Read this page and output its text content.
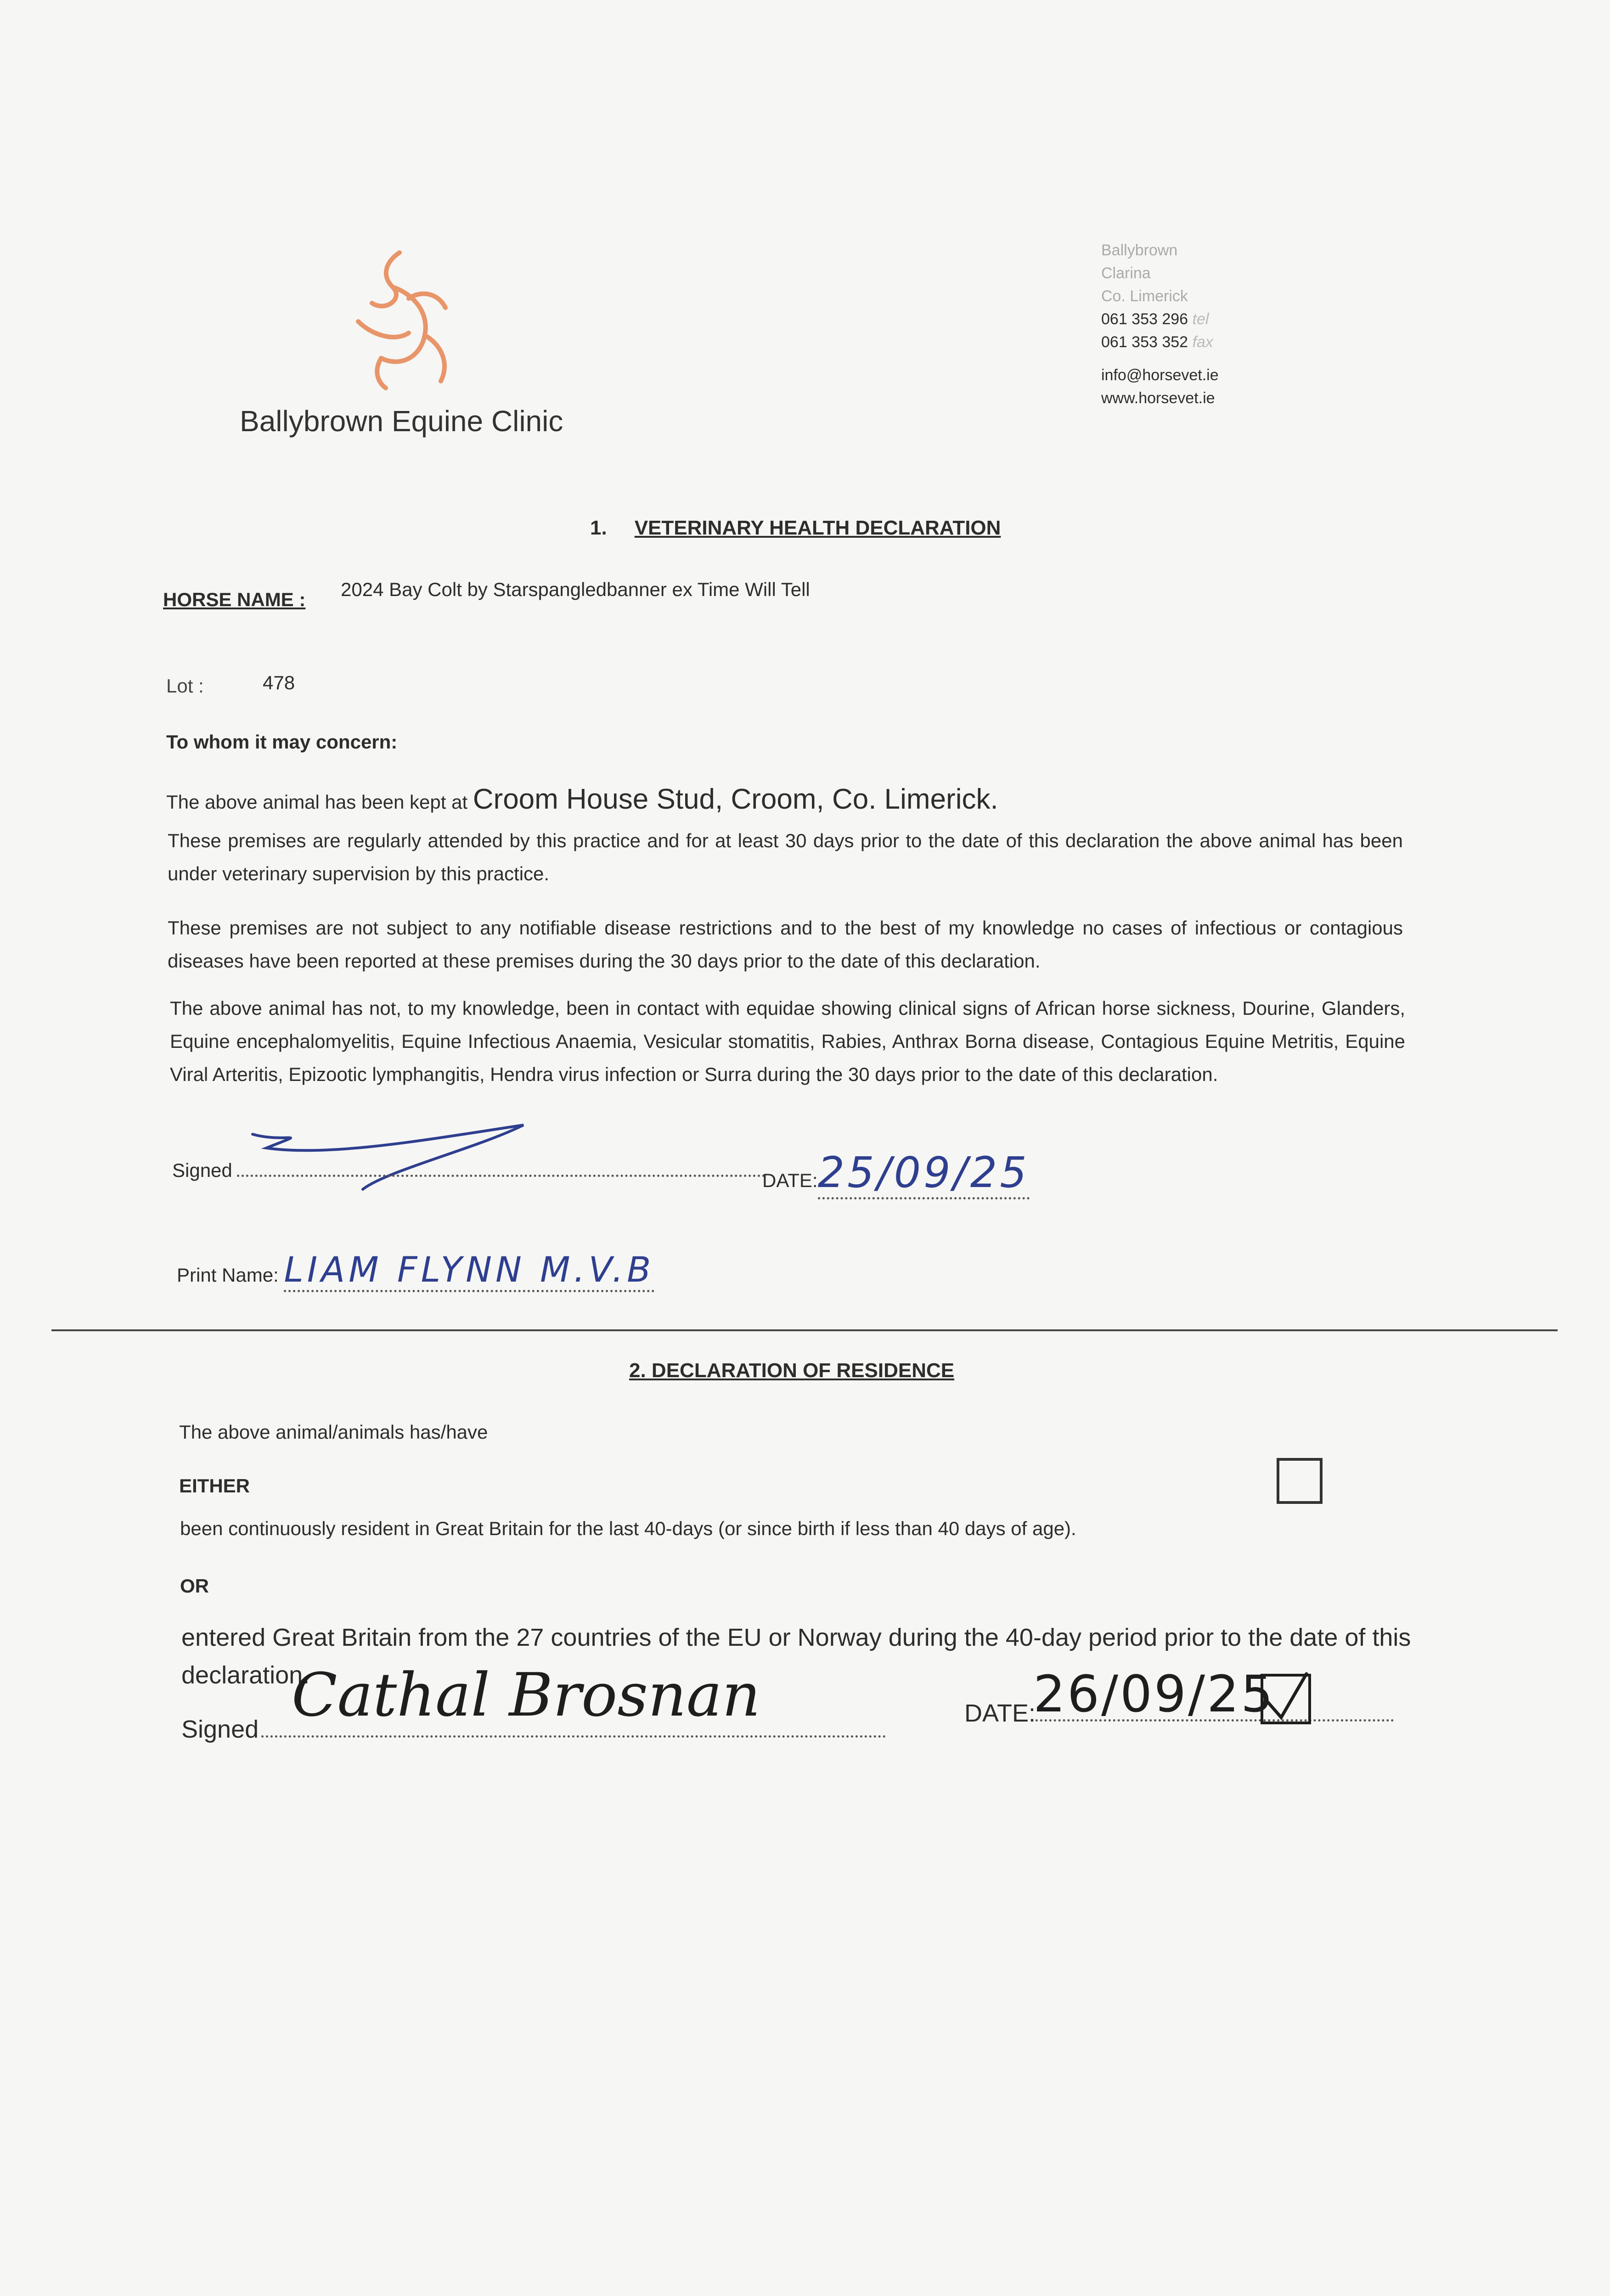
Ballybrown Equine Clinic
Ballybrown
Clarina
Co. Limerick
061 353 296 tel
061 353 352 fax
info@horsevet.ie
www.horsevet.ie
1. VETERINARY HEALTH DECLARATION
HORSE NAME : 2024 Bay Colt by Starspangledbanner ex Time Will Tell
Lot :	478
To whom it may concern:
The above animal has been kept at Croom House Stud, Croom, Co. Limerick.
These premises are regularly attended by this practice and for at least 30 days prior to the date of this declaration the above animal has been under veterinary supervision by this practice.
These premises are not subject to any notifiable disease restrictions and to the best of my knowledge no cases of infectious or contagious diseases have been reported at these premises during the 30 days prior to the date of this declaration.
The above animal has not, to my knowledge, been in contact with equidae showing clinical signs of African horse sickness, Dourine, Glanders, Equine encephalomyelitis, Equine Infectious Anaemia, Vesicular stomatitis, Rabies, Anthrax Borna disease, Contagious Equine Metritis, Equine Viral Arteritis, Epizootic lymphangitis, Hendra virus infection or Surra during the 30 days prior to the date of this declaration.
Signed	DATE:25/09/25
Print Name: LIAM FLYNN M.V.B
2. DECLARATION OF RESIDENCE
The above animal/animals has/have
EITHER
been continuously resident in Great Britain for the last 40-days (or since birth if less than 40 days of age).
OR
entered Great Britain from the 27 countries of the EU or Norway during the 40-day period prior to the date of this declaration.
Signed Cathal Brosnan	DATE:
26/09/25
